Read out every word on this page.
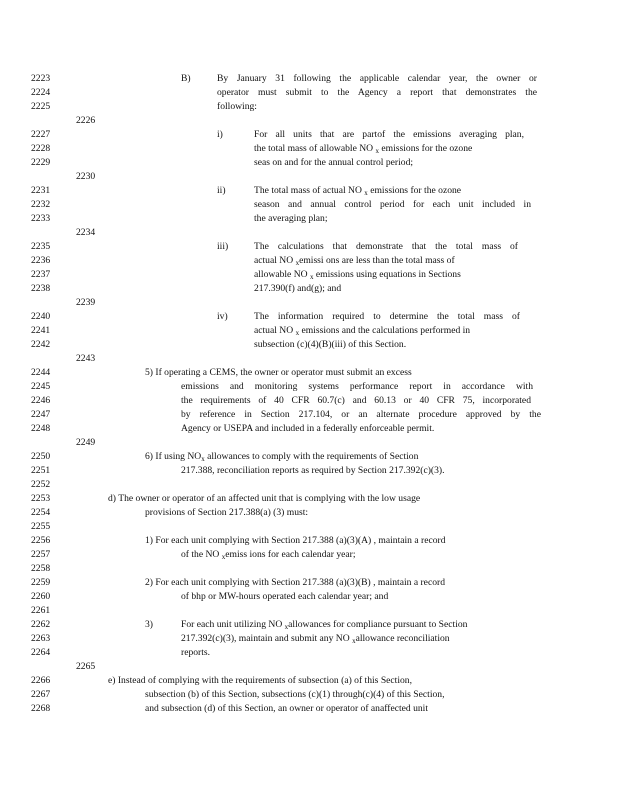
2223
2224
2225
2226
2227
2228
2229
2230
2231
2232
2233
2234
2235
2236
2237
2238
2239
2240
2241
2242
2243
2244
2245
2246
2247
2248
2249
2250
2251
2252
2253
2254
2255
2256
2257
2258
2259
2260
2261
2262
2263
2264
2265
2266
2267
2268
B)	By January 31 following the applicable calendar year, the owner or
operator must submit to the Agency a report that demonstrates the
following:
i)	For all units that are partof the emissions averaging plan,
the total mass of allowable NO $_x$ emissions for the ozone
seas on and for the annual control period;
ii)	The total mass of actual NO $_x$ emissions for the ozone
season and annual control period for each unit included in
the averaging plan;
iii)	The calculations that demonstrate that the total mass of
actual NO $_x$emissi ons are less than the total mass of
allowable NO $_x$ emissions using equations in Sections
217.390(f) and(g); and
iv)	The information required to determine the total mass of
actual NO $_x$ emissions and the calculations performed in
subsection (c)(4)(B)(iii) of this Section.
5) If operating a CEMS, the owner or operator must submit an excess
emissions and monitoring systems performance report in accordance with
the requirements of 40 CFR 60.7(c) and 60.13 or 40 CFR 75, incorporated
by reference in Section 217.104, or an alternate procedure approved by the
Agency or USEPA and included in a federally enforceable permit.
6) If using $NO_x$ allowances to comply with the requirements of Section
217.388, reconciliation reports as required by Section 217.392(c)(3).
d) The owner or operator of an affected unit that is complying with the low usage
provisions of Section 217.388(a) (3) must:
1) For each unit complying with Section 217.388 (a)(3)(A) , maintain a record
of the NO $_x$emiss ions for each calendar year;
2) For each unit complying with Section 217.388 (a)(3)(B) , maintain a record
of bhp or MW-hours operated each calendar year; and
3)	For each unit utilizing NO $_x$allowances for compliance pursuant to Section
217.392(c)(3), maintain and submit any NO $_x$allowance reconciliation
reports.
e) Instead of complying with the requirements of subsection (a) of this Section,
subsection (b) of this Section, subsections (c)(1) through(c)(4) of this Section,
and subsection (d) of this Section, an owner or operator of anaffected unit
